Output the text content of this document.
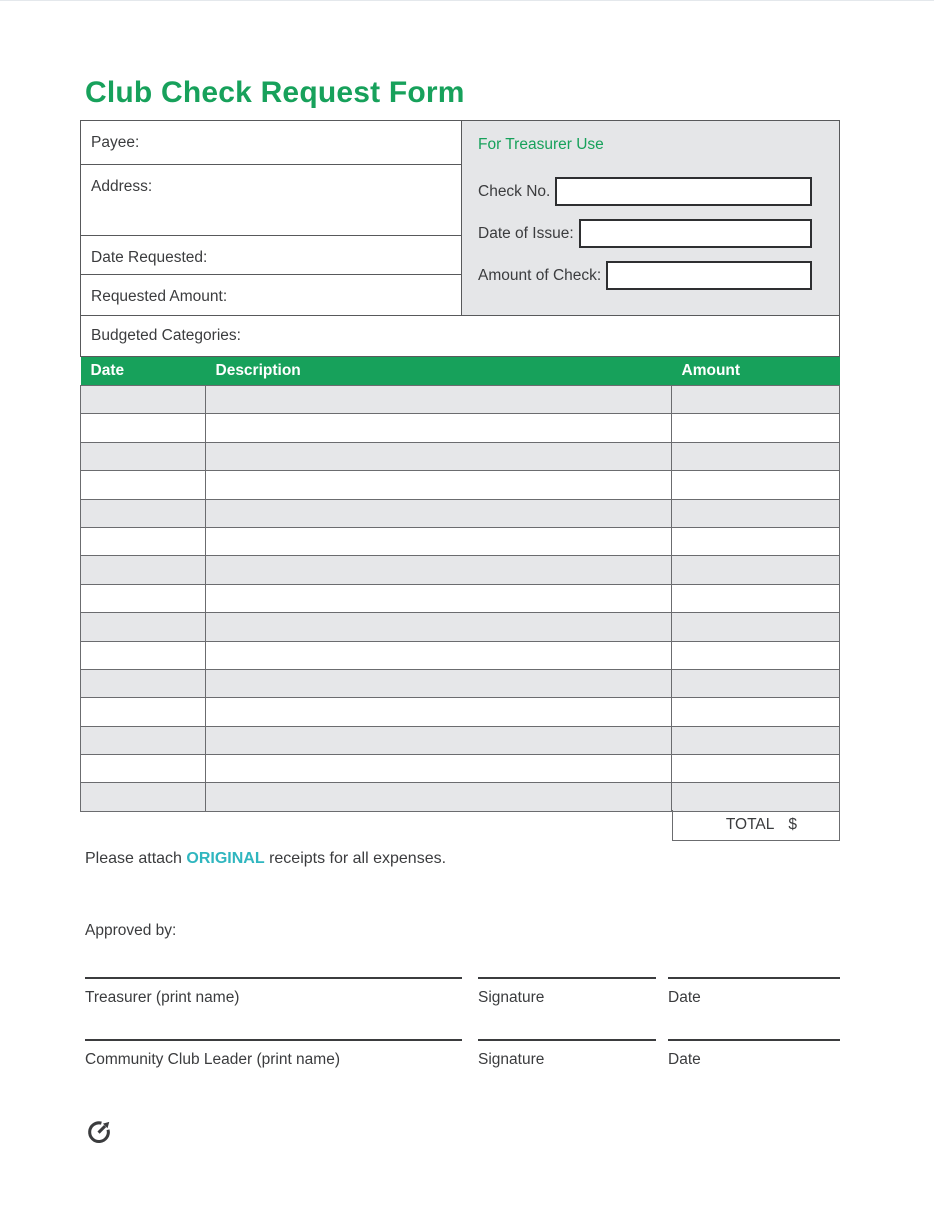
Club Check Request Form
Payee:
Address:
Date Requested:
Requested Amount:
For Treasurer Use
Check No.
Date of Issue:
Amount of Check:
Budgeted Categories:
Date	Description	Amount

TOTAL $

Please attach ORIGINAL receipts for all expenses.

Approved by:
Treasurer (print name)	Signature	Date
Community Club Leader (print name)	Signature	Date
